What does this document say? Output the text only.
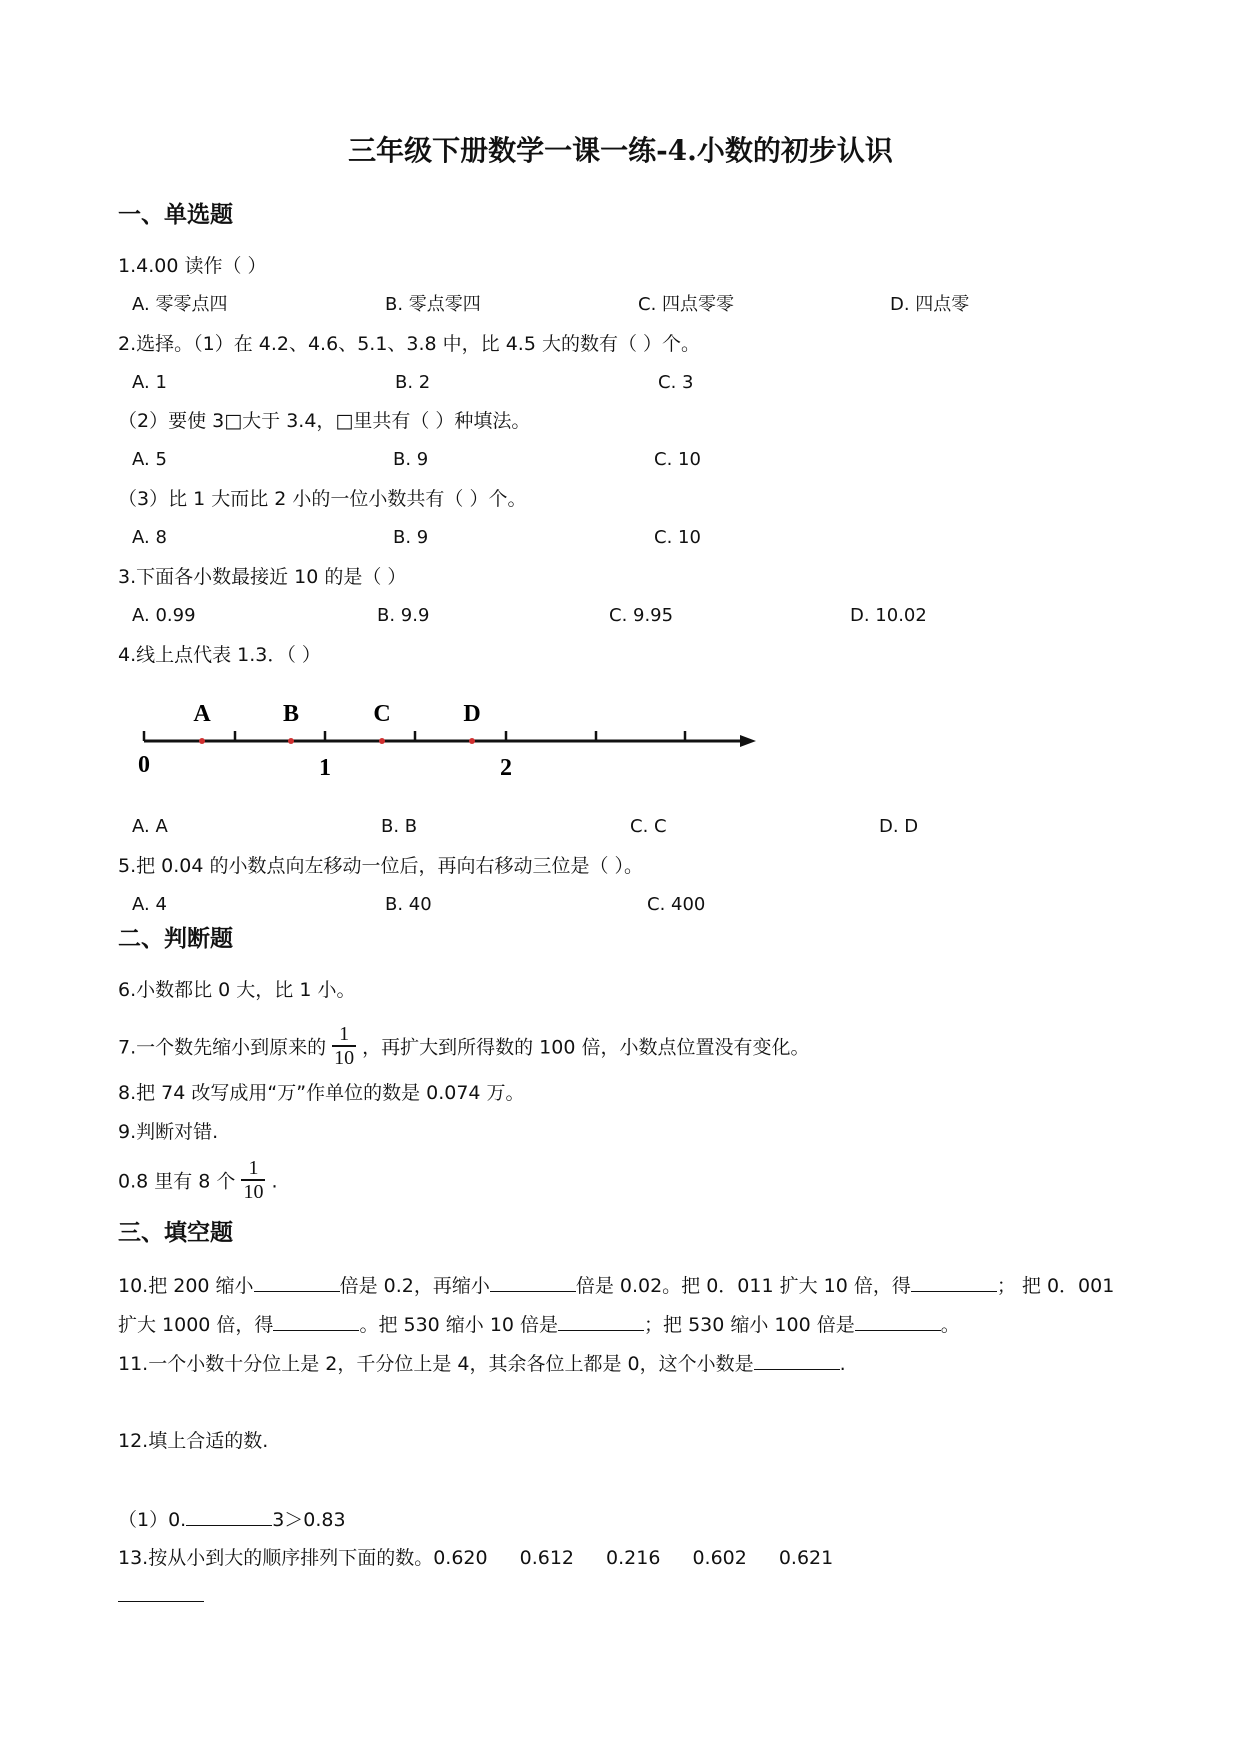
三年级下册数学一课一练-4.小数的初步认识
一、单选题
1.4.00 读作（ ）
A. 零零点四	B. 零点零四	C. 四点零零	D. 四点零
2.选择。（1）在 4.2、4.6、5.1、3.8 中，比 4.5 大的数有（ ）个。
A. 1	B. 2	C. 3
（2）要使 3□大于 3.4，□里共有（ ）种填法。
A. 5	B. 9	C. 10
（3）比 1 大而比 2 小的一位小数共有（ ）个。
A. 8	B. 9	C. 10
3.下面各小数最接近 10 的是（ ）
A. 0.99	B. 9.9	C. 9.95	D. 10.02
4.线上点代表 1.3．（ ）
A	B	C	D
0	1	2
A. A	B. B	C. C	D. D
5.把 0.04 的小数点向左移动一位后，再向右移动三位是（ ）。
A. 4	B. 40	C. 400
二、判断题
6.小数都比 0 大，比 1 小。
7.一个数先缩小到原来的 $\frac{1}{10}$ ，再扩大到所得数的 100 倍，小数点位置没有变化。
8.把 74 改写成用“万”作单位的数是 0.074 万。
9.判断对错.
0.8 里有 8 个 $\frac{1}{10}$ .
三、填空题
10.把 200 缩小	倍是 0.2，再缩小	倍是 0.02。把 0．011 扩大 10 倍，得	； 把 0．001
扩大 1000 倍，得	。把 530 缩小 10 倍是	；把 530 缩小 100 倍是	。
11.一个小数十分位上是 2，千分位上是 4，其余各位上都是 0，这个小数是	.
12.填上合适的数.
（1）0.	3＞0.83
13.按从小到大的顺序排列下面的数。0.620 0.612 0.216 0.602 0.621
